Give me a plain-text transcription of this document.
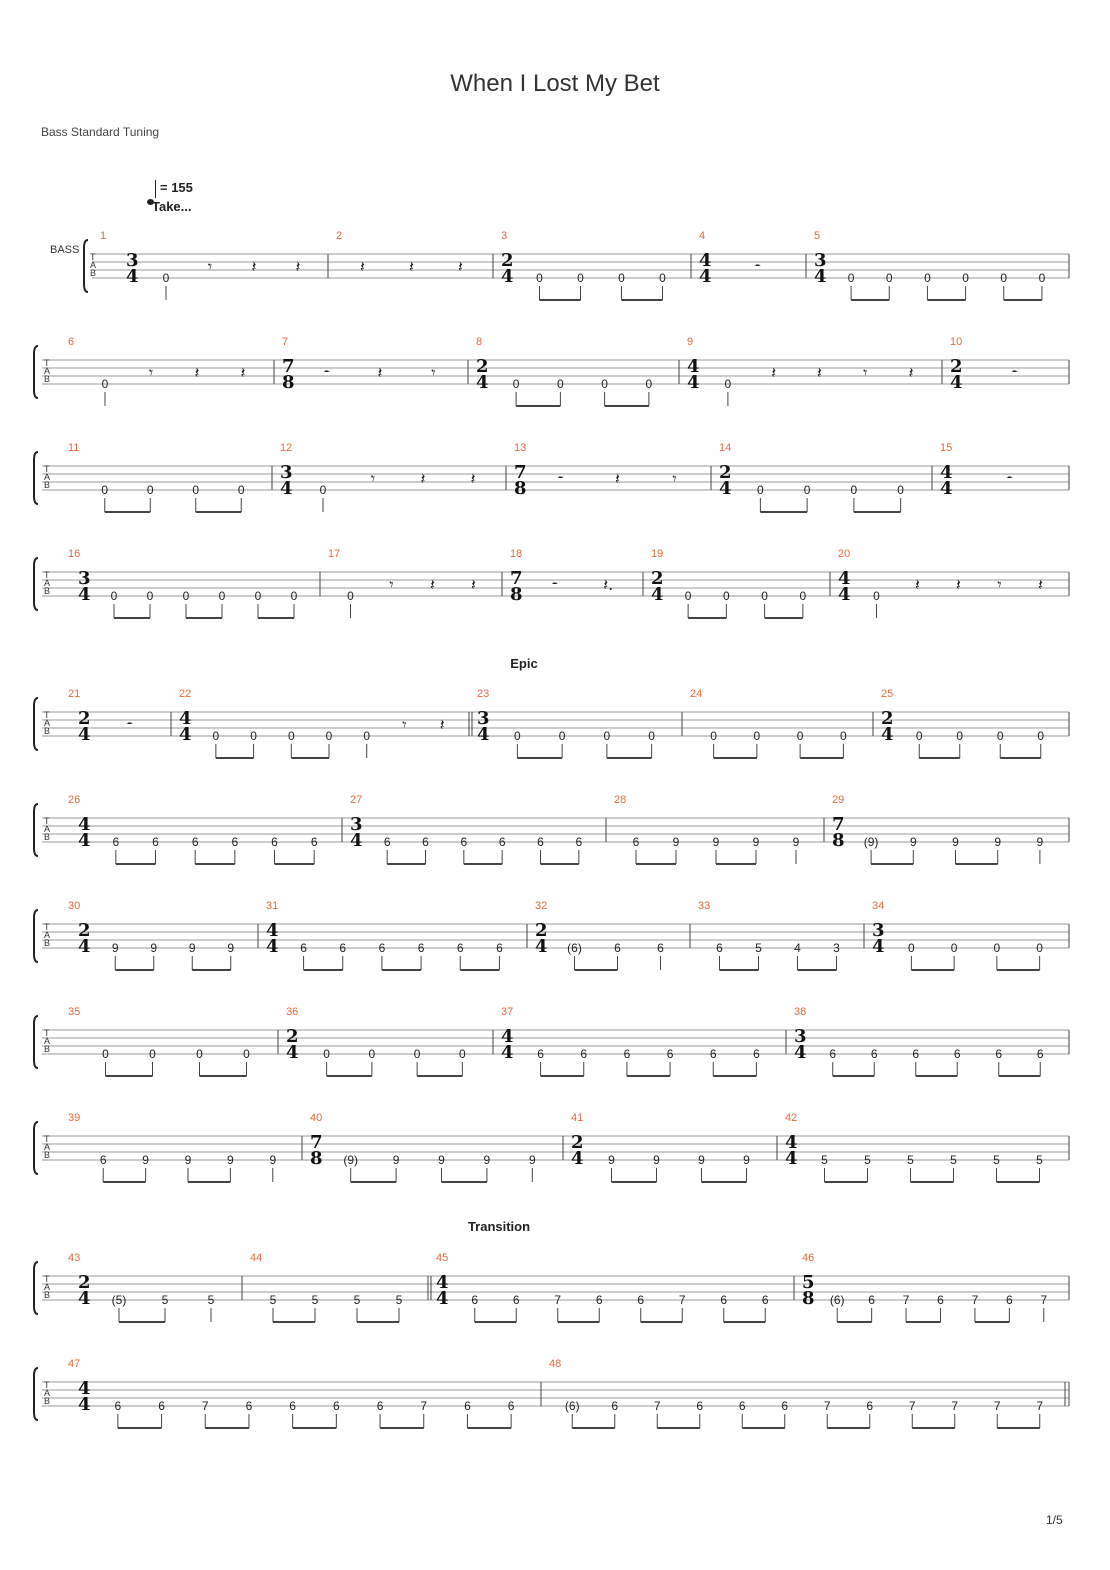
When I Lost My Bet
Bass Standard Tuning
= 155
Take...
BASS
Epic
Transition
T
A
B
1
3
4 0
𝄾 𝄽 𝄽
2
𝄽	𝄽	𝄽
3
2
4 0	0	0	0
4
4
4	𝄼
5
3
4 0	0	0	0	0	0
T
A
B
6
0
𝄾	𝄽	𝄽
7
7
8 𝄼	𝄽	𝄾
8
2
4 0	0	0	0
9
4
4 0
𝄽	𝄽	𝄾	𝄽
10
2
4	𝄼
T
A
B
11
0	0	0	0
12
3
4 0
𝄾	𝄽	𝄽
13
7
8 𝄼	𝄽	𝄾
14
2
4 0	0	0	0
15
4
4	𝄼
T
A
B
16
3
4 0 0 0 0 0 0
17
0
𝄾 𝄽 𝄽
18
7
8 𝄼	𝄽.
19
2
4 0	0	0	0
20
4
4 0
𝄽 𝄽 𝄾 𝄽
T
A
B
21
2
4 𝄼
22
4
4 0	0	0	0	0
𝄾 𝄽
23
3
4 0	0	0	0
24
0	0	0	0
25
2
4 0	0	0	0
T
A
B
26
4
4 6	6	6	6	6	6
27
3
4 6	6	6	6	6	6
28
6	9	9	9	9
29
7
8 (9)	9	9	9	9
T
A
B
30
2
4 9	9	9	9
31
4
4 6	6	6	6	6	6
32
2
4 (6)	6	6
33
6	5	4	3
34
3
4 0	0	0	0
T
A
B
35
0	0	0	0
36
2
4 0	0	0	0
37
4
4 6	6	6	6	6	6
38
3
4 6	6	6	6	6	6
T
A
B
39
6	9	9	9	9
40
7
8 (9)	9	9	9	9
41
2
4 9	9	9	9
42
4
4 5	5	5	5	5	5
T
A
B
43
2
4 (5)	5	5
44
5	5	5	5
45
4
4 6	6	7	6	6	7	6	6
46
5
8 (6) 6 7 6 7 6 7
T
A
B
47
4
4 6	6	7	6	6	6	6	7	6	6
48
(6)	6	7	6	6	6	7	6	7	7	7	7
1/5
